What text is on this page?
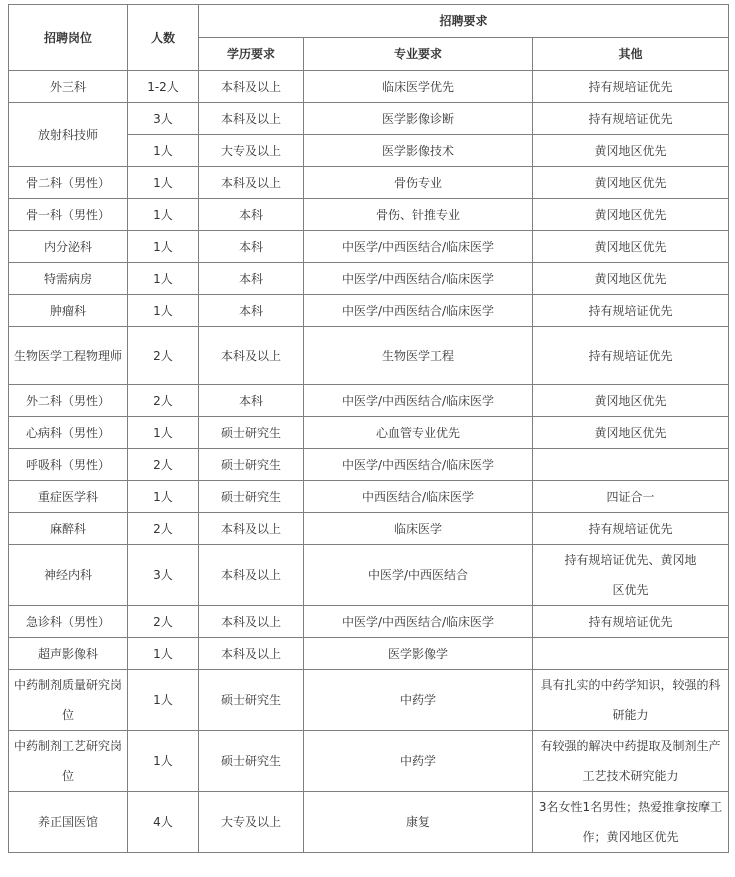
招聘岗位	人数	招聘要求		
		学历要求	专业要求	其他
外三科	1-2人	本科及以上	临床医学优先	持有规培证优先
放射科技师	3人	本科及以上	医学影像诊断	持有规培证优先
	1人	大专及以上	医学影像技术	黄冈地区优先
骨二科（男性）	1人	本科及以上	骨伤专业	黄冈地区优先
骨一科（男性）	1人	本科	骨伤、针推专业	黄冈地区优先
内分泌科	1人	本科	中医学/中西医结合/临床医学	黄冈地区优先
特需病房	1人	本科	中医学/中西医结合/临床医学	黄冈地区优先
肿瘤科	1人	本科	中医学/中西医结合/临床医学	持有规培证优先
生物医学工程物理师	2人	本科及以上	生物医学工程	持有规培证优先
外二科（男性）	2人	本科	中医学/中西医结合/临床医学	黄冈地区优先
心病科（男性）	1人	硕士研究生	心血管专业优先	黄冈地区优先
呼吸科（男性）	2人	硕士研究生	中医学/中西医结合/临床医学	
重症医学科	1人	硕士研究生	中西医结合/临床医学	四证合一
麻醉科	2人	本科及以上	临床医学	持有规培证优先
神经内科	3人	本科及以上	中医学/中西医结合	持有规培证优先、黄冈地区优先
急诊科（男性）	2人	本科及以上	中医学/中西医结合/临床医学	持有规培证优先
超声影像科	1人	本科及以上	医学影像学	
中药制剂质量研究岗位	1人	硕士研究生	中药学	具有扎实的中药学知识，较强的科研能力
中药制剂工艺研究岗位	1人	硕士研究生	中药学	有较强的解决中药提取及制剂生产工艺技术研究能力
养正国医馆	4人	大专及以上	康复	3名女性1名男性；热爱推拿按摩工作；黄冈地区优先
